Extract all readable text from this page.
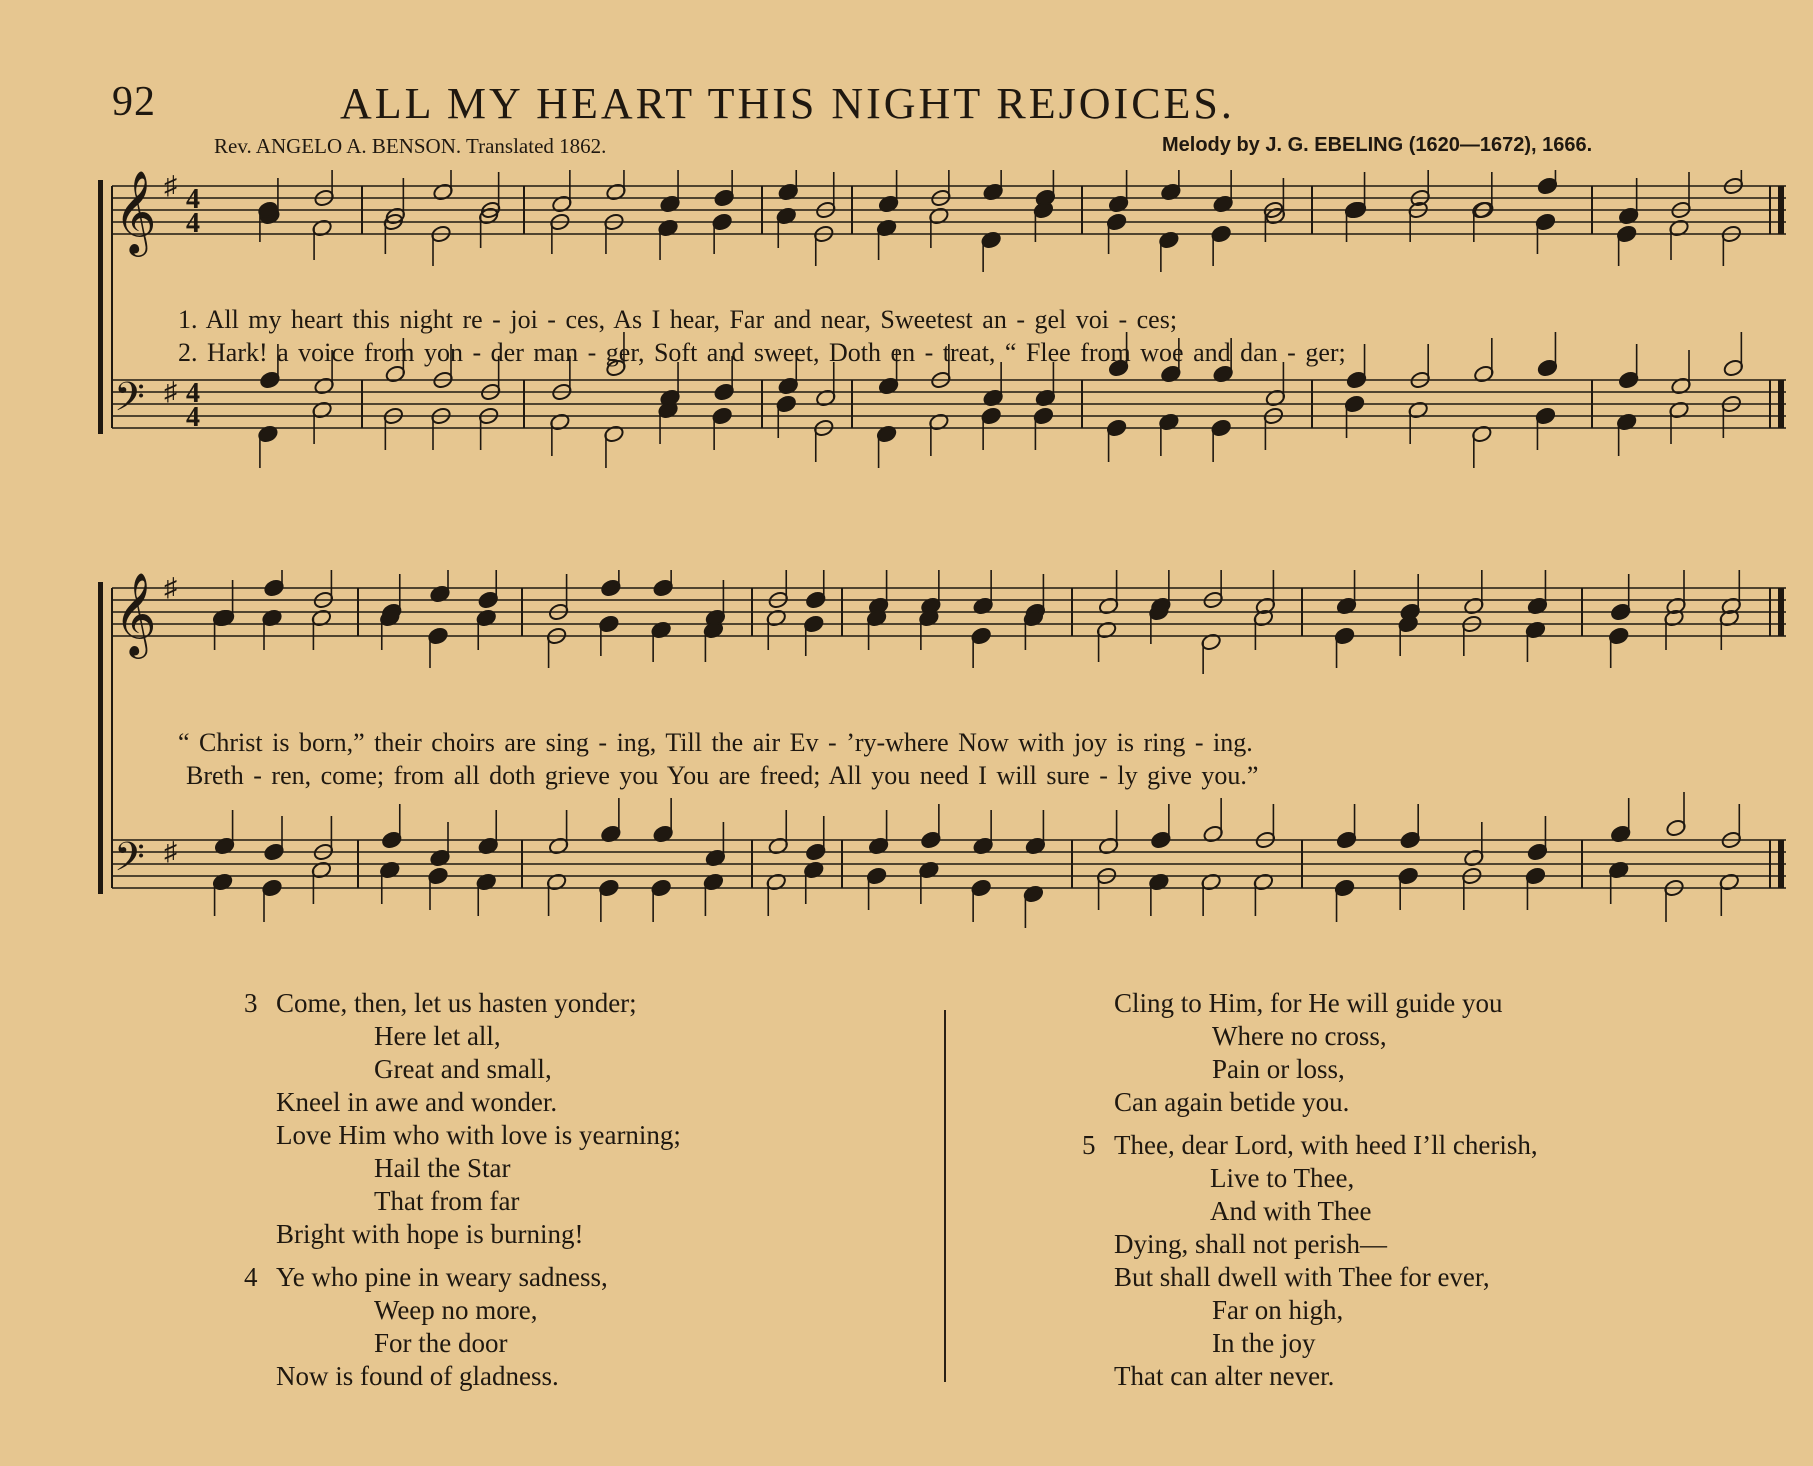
92	ALL MY HEART THIS NIGHT REJOICES.
Rev. ANGELO A. BENSON. Translated 1862.	Melody by J. G. EBELING (1620—1672), 1666.
𝄞
𝄢
♯
♯
4
4
4
4
1. All my heart this night re - joi - ces, As I hear, Far and near, Sweetest an - gel voi - ces;
2. Hark! a voice from yon - der man - ger, Soft and sweet, Doth en - treat, “ Flee from woe and dan - ger;
𝄞
𝄢
♯
♯
“ Christ is born,” their choirs are sing - ing, Till the air Ev - ’ry-where Now with joy is ring - ing.
Breth - ren, come; from all doth grieve you You are freed; All you need I will sure - ly give you.”
3 Come, then, let us hasten yonder;
Here let all,
Great and small,
Kneel in awe and wonder.
Love Him who with love is yearning;
Hail the Star
That from far
Bright with hope is burning!
4 Ye who pine in weary sadness,
Weep no more,
For the door
Now is found of gladness.
Cling to Him, for He will guide you
Where no cross,
Pain or loss,
Can again betide you.
5 Thee, dear Lord, with heed I’ll cherish,
Live to Thee,
And with Thee
Dying, shall not perish—
But shall dwell with Thee for ever,
Far on high,
In the joy
That can alter never.
